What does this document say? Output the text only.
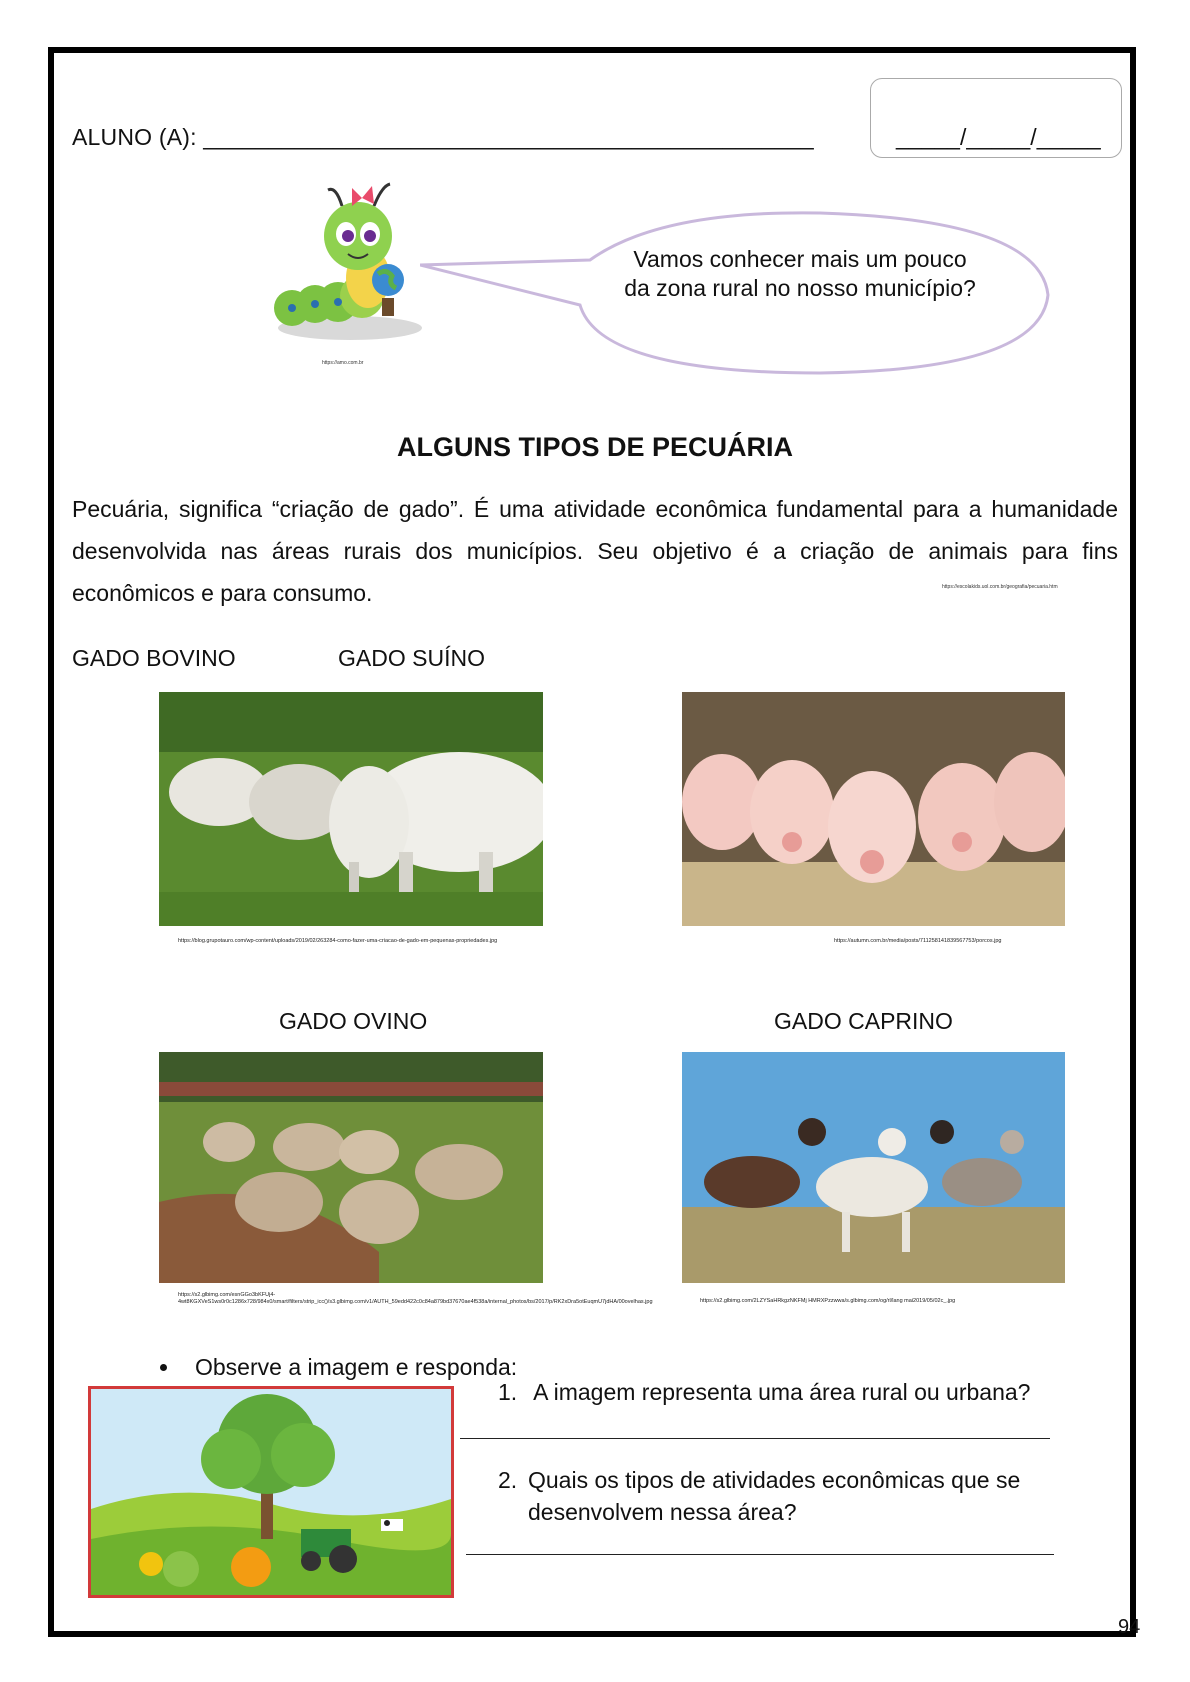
ALUNO (A): _______________________________________________	_____/_____/_____
https://amo.com.br
Vamos conhecer mais um pouco da zona rural no nosso município?
ALGUNS TIPOS DE PECUÁRIA
Pecuária, significa “criação de gado”. É uma atividade econômica fundamental para a humanidade desenvolvida nas áreas rurais dos municípios. Seu objetivo é a criação de animais para fins econômicos e para consumo.	https://escolakids.uol.com.br/geografia/pecuaria.htm
GADO BOVINO	GADO SUÍNO
https://blog.grupotauro.com/wp-content/uploads/2019/02/263284-como-fazer-uma-criacao-de-gado-em-pequenas-propriedades.jpg	https://autumn.com.br/media/posts/711258141839567753/porcos.jpg
GADO OVINO	GADO CAPRINO
https://s2.glbimg.com/esnGGo3bKFUj4-4wt8KGXVeS1ws0r0c1286x728/984x0/smart/filters/strip_icc()/s3.glbimg.com/v1/AUTH_59edd422c0c84a879bd37670ae4f538a/internal_photos/bs/2017/p/RK2xDra5otEuqmU7jdHA/00ovelhas.jpg	https://s2.glbimg.com/2LZYSaHRkgzNKFMj HMRXPzzwwa/s.glbimg.com/og/rl/lang mai2019/05/02c_.jpg
Observe a imagem e responda:
1. A imagem representa uma área rural ou urbana?
2. Quais os tipos de atividades econômicas que se desenvolvem nessa área?
94
